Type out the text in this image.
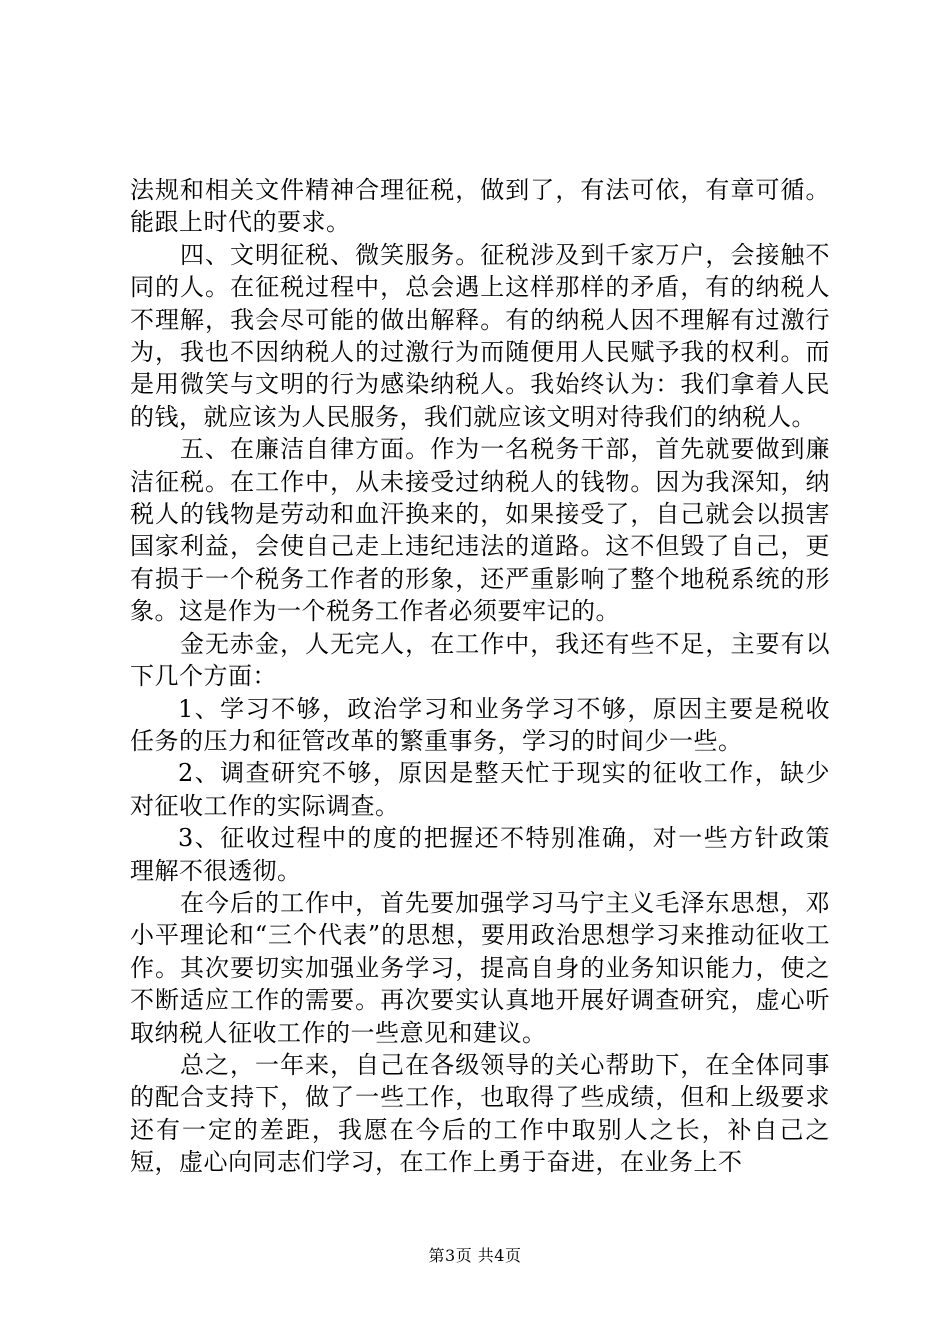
法规和相关文件精神合理征税，做到了，有法可依，有章可循。能跟上时代的要求。

四、文明征税、微笑服务。征税涉及到千家万户，会接触不同的人。在征税过程中，总会遇上这样那样的矛盾，有的纳税人不理解，我会尽可能的做出解释。有的纳税人因不理解有过激行为，我也不因纳税人的过激行为而随便用人民赋予我的权利。而是用微笑与文明的行为感染纳税人。我始终认为：我们拿着人民的钱，就应该为人民服务，我们就应该文明对待我们的纳税人。

五、在廉洁自律方面。作为一名税务干部，首先就要做到廉洁征税。在工作中，从未接受过纳税人的钱物。因为我深知，纳税人的钱物是劳动和血汗换来的，如果接受了，自己就会以损害国家利益，会使自己走上违纪违法的道路。这不但毁了自己，更有损于一个税务工作者的形象，还严重影响了整个地税系统的形象。这是作为一个税务工作者必须要牢记的。

金无赤金，人无完人，在工作中，我还有些不足，主要有以下几个方面：

1、学习不够，政治学习和业务学习不够，原因主要是税收任务的压力和征管改革的繁重事务，学习的时间少一些。

2、调查研究不够，原因是整天忙于现实的征收工作，缺少对征收工作的实际调查。

3、征收过程中的度的把握还不特别准确，对一些方针政策理解不很透彻。

在今后的工作中，首先要加强学习马宁主义毛泽东思想，邓小平理论和“三个代表”的思想，要用政治思想学习来推动征收工作。其次要切实加强业务学习，提高自身的业务知识能力，使之不断适应工作的需要。再次要实认真地开展好调查研究，虚心听取纳税人征收工作的一些意见和建议。

总之，一年来，自己在各级领导的关心帮助下，在全体同事的配合支持下，做了一些工作，也取得了些成绩，但和上级要求还有一定的差距，我愿在今后的工作中取别人之长，补自己之短，虚心向同志们学习，在工作上勇于奋进，在业务上不

第3页 共4页
